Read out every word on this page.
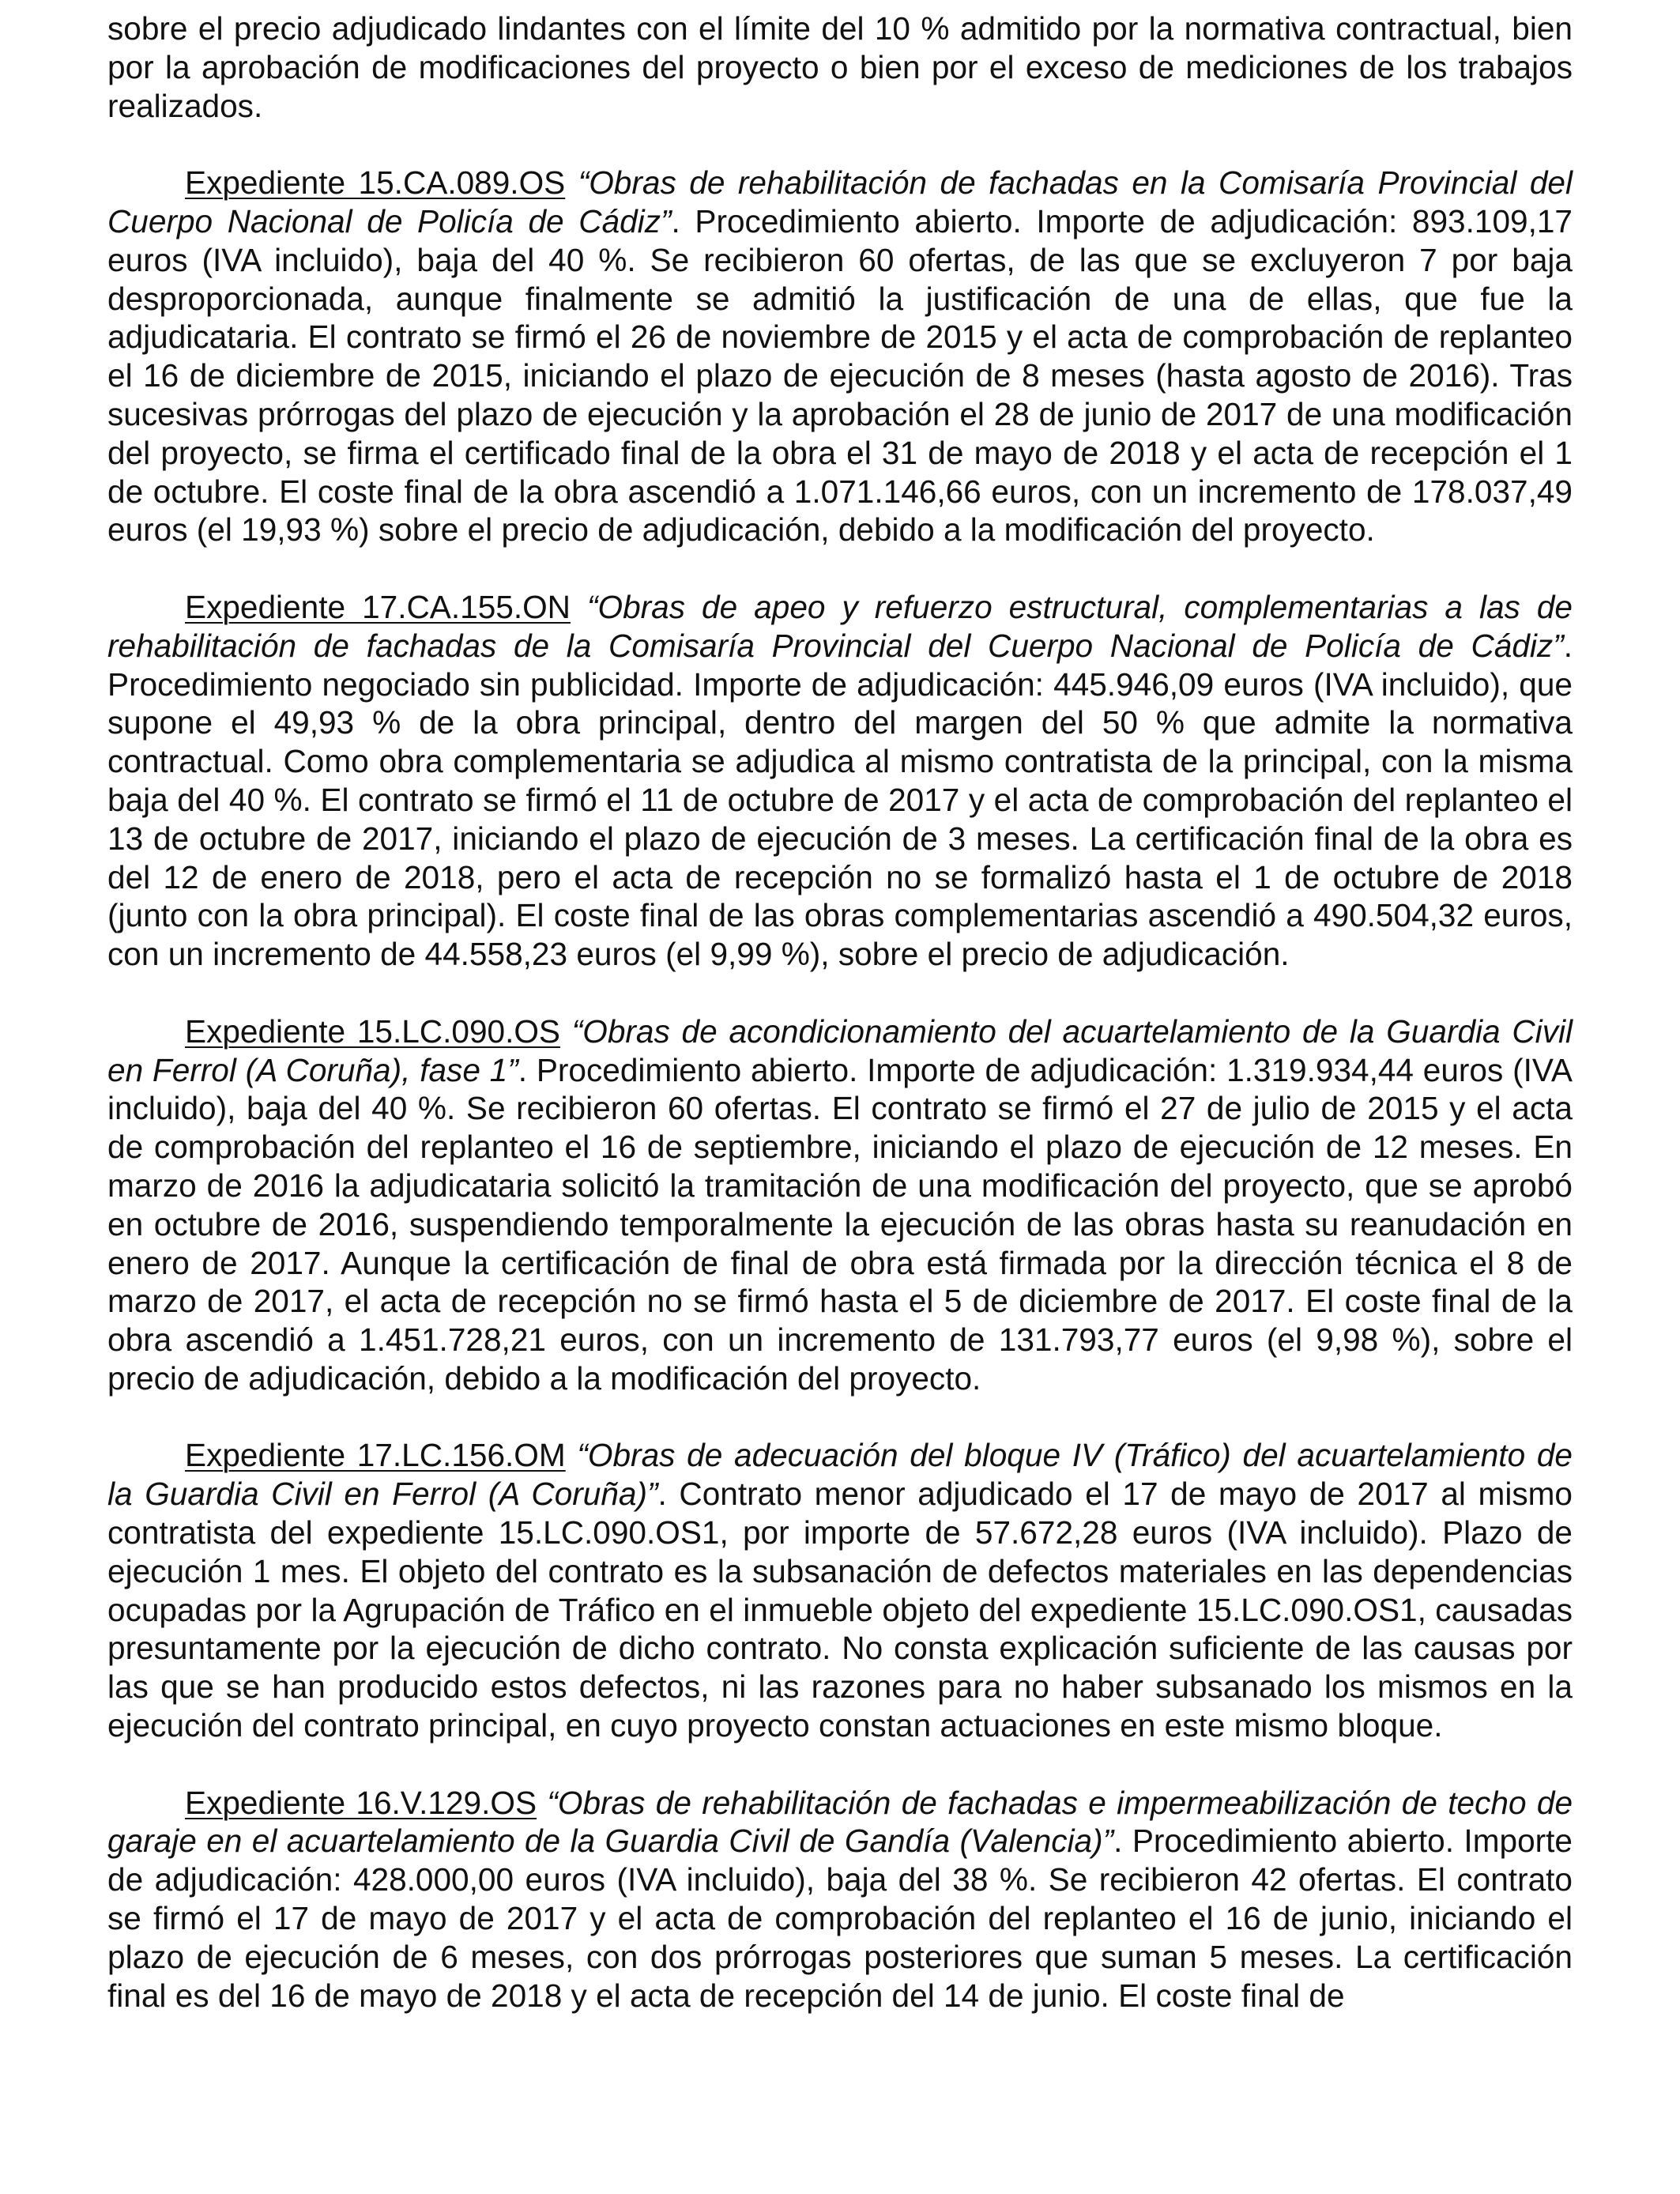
sobre el precio adjudicado lindantes con el límite del 10 % admitido por la normativa contractual, bien por la aprobación de modificaciones del proyecto o bien por el exceso de mediciones de los trabajos realizados.

Expediente 15.CA.089.OS “Obras de rehabilitación de fachadas en la Comisaría Provincial del Cuerpo Nacional de Policía de Cádiz”. Procedimiento abierto. Importe de adjudicación: 893.109,17 euros (IVA incluido), baja del 40 %. Se recibieron 60 ofertas, de las que se excluyeron 7 por baja desproporcionada, aunque finalmente se admitió la justificación de una de ellas, que fue la adjudicataria. El contrato se firmó el 26 de noviembre de 2015 y el acta de comprobación de replanteo el 16 de diciembre de 2015, iniciando el plazo de ejecución de 8 meses (hasta agosto de 2016). Tras sucesivas prórrogas del plazo de ejecución y la aprobación el 28 de junio de 2017 de una modificación del proyecto, se firma el certificado final de la obra el 31 de mayo de 2018 y el acta de recepción el 1 de octubre. El coste final de la obra ascendió a 1.071.146,66 euros, con un incremento de 178.037,49 euros (el 19,93 %) sobre el precio de adjudicación, debido a la modificación del proyecto.

Expediente 17.CA.155.ON “Obras de apeo y refuerzo estructural, complementarias a las de rehabilitación de fachadas de la Comisaría Provincial del Cuerpo Nacional de Policía de Cádiz”. Procedimiento negociado sin publicidad. Importe de adjudicación: 445.946,09 euros (IVA incluido), que supone el 49,93 % de la obra principal, dentro del margen del 50 % que admite la normativa contractual. Como obra complementaria se adjudica al mismo contratista de la principal, con la misma baja del 40 %. El contrato se firmó el 11 de octubre de 2017 y el acta de comprobación del replanteo el 13 de octubre de 2017, iniciando el plazo de ejecución de 3 meses. La certificación final de la obra es del 12 de enero de 2018, pero el acta de recepción no se formalizó hasta el 1 de octubre de 2018 (junto con la obra principal). El coste final de las obras complementarias ascendió a 490.504,32 euros, con un incremento de 44.558,23 euros (el 9,99 %), sobre el precio de adjudicación.

Expediente 15.LC.090.OS “Obras de acondicionamiento del acuartelamiento de la Guardia Civil en Ferrol (A Coruña), fase 1”. Procedimiento abierto. Importe de adjudicación: 1.319.934,44 euros (IVA incluido), baja del 40 %. Se recibieron 60 ofertas. El contrato se firmó el 27 de julio de 2015 y el acta de comprobación del replanteo el 16 de septiembre, iniciando el plazo de ejecución de 12 meses. En marzo de 2016 la adjudicataria solicitó la tramitación de una modificación del proyecto, que se aprobó en octubre de 2016, suspendiendo temporalmente la ejecución de las obras hasta su reanudación en enero de 2017. Aunque la certificación de final de obra está firmada por la dirección técnica el 8 de marzo de 2017, el acta de recepción no se firmó hasta el 5 de diciembre de 2017. El coste final de la obra ascendió a 1.451.728,21 euros, con un incremento de 131.793,77 euros (el 9,98 %), sobre el precio de adjudicación, debido a la modificación del proyecto.

Expediente 17.LC.156.OM “Obras de adecuación del bloque IV (Tráfico) del acuartelamiento de la Guardia Civil en Ferrol (A Coruña)”. Contrato menor adjudicado el 17 de mayo de 2017 al mismo contratista del expediente 15.LC.090.OS1, por importe de 57.672,28 euros (IVA incluido). Plazo de ejecución 1 mes. El objeto del contrato es la subsanación de defectos materiales en las dependencias ocupadas por la Agrupación de Tráfico en el inmueble objeto del expediente 15.LC.090.OS1, causadas presuntamente por la ejecución de dicho contrato. No consta explicación suficiente de las causas por las que se han producido estos defectos, ni las razones para no haber subsanado los mismos en la ejecución del contrato principal, en cuyo proyecto constan actuaciones en este mismo bloque.

Expediente 16.V.129.OS “Obras de rehabilitación de fachadas e impermeabilización de techo de garaje en el acuartelamiento de la Guardia Civil de Gandía (Valencia)”. Procedimiento abierto. Importe de adjudicación: 428.000,00 euros (IVA incluido), baja del 38 %. Se recibieron 42 ofertas. El contrato se firmó el 17 de mayo de 2017 y el acta de comprobación del replanteo el 16 de junio, iniciando el plazo de ejecución de 6 meses, con dos prórrogas posteriores que suman 5 meses. La certificación final es del 16 de mayo de 2018 y el acta de recepción del 14 de junio. El coste final de
